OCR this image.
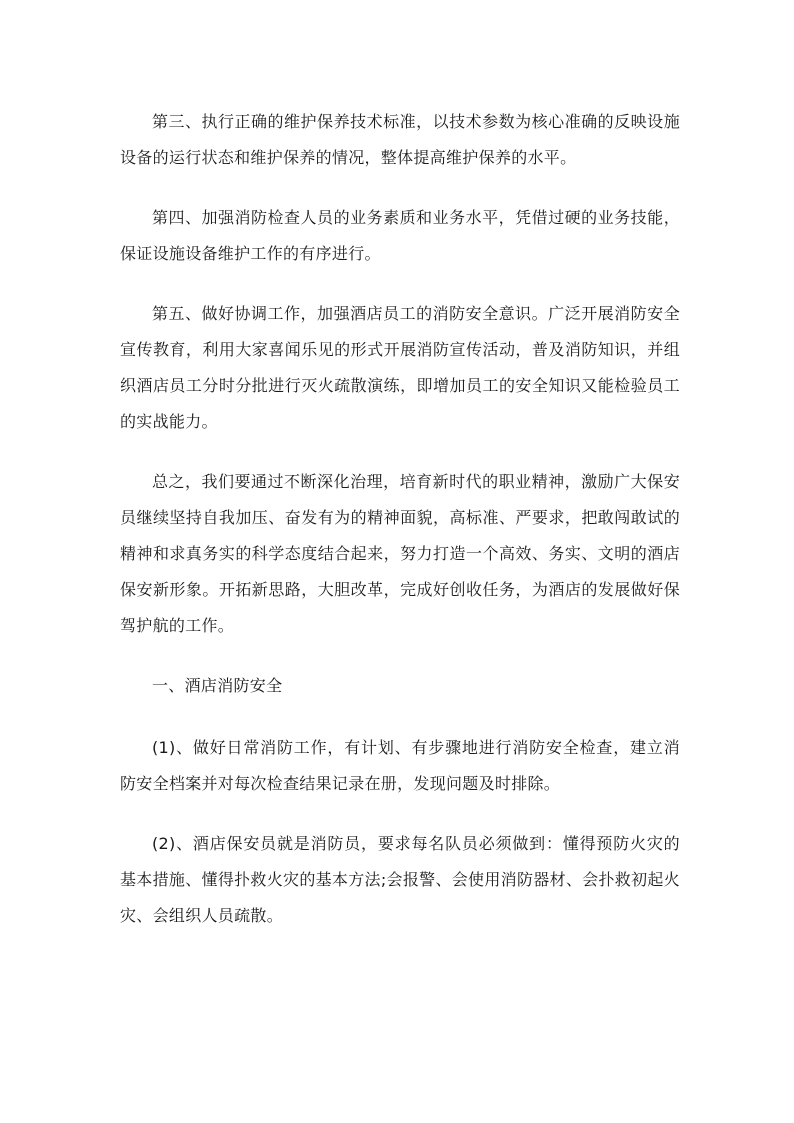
第三、执行正确的维护保养技术标准，以技术参数为核心准确的反映设施设备的运行状态和维护保养的情况，整体提高维护保养的水平。

第四、加强消防检查人员的业务素质和业务水平，凭借过硬的业务技能，保证设施设备维护工作的有序进行。

第五、做好协调工作，加强酒店员工的消防安全意识。广泛开展消防安全宣传教育，利用大家喜闻乐见的形式开展消防宣传活动，普及消防知识，并组织酒店员工分时分批进行灭火疏散演练，即增加员工的安全知识又能检验员工的实战能力。

总之，我们要通过不断深化治理，培育新时代的职业精神，激励广大保安员继续坚持自我加压、奋发有为的精神面貌，高标准、严要求，把敢闯敢试的精神和求真务实的科学态度结合起来，努力打造一个高效、务实、文明的酒店保安新形象。开拓新思路，大胆改革，完成好创收任务，为酒店的发展做好保驾护航的工作。

一、酒店消防安全

(1)、做好日常消防工作，有计划、有步骤地进行消防安全检查，建立消防安全档案并对每次检查结果记录在册，发现问题及时排除。

(2)、酒店保安员就是消防员，要求每名队员必须做到：懂得预防火灾的基本措施、懂得扑救火灾的基本方法;会报警、会使用消防器材、会扑救初起火灾、会组织人员疏散。
